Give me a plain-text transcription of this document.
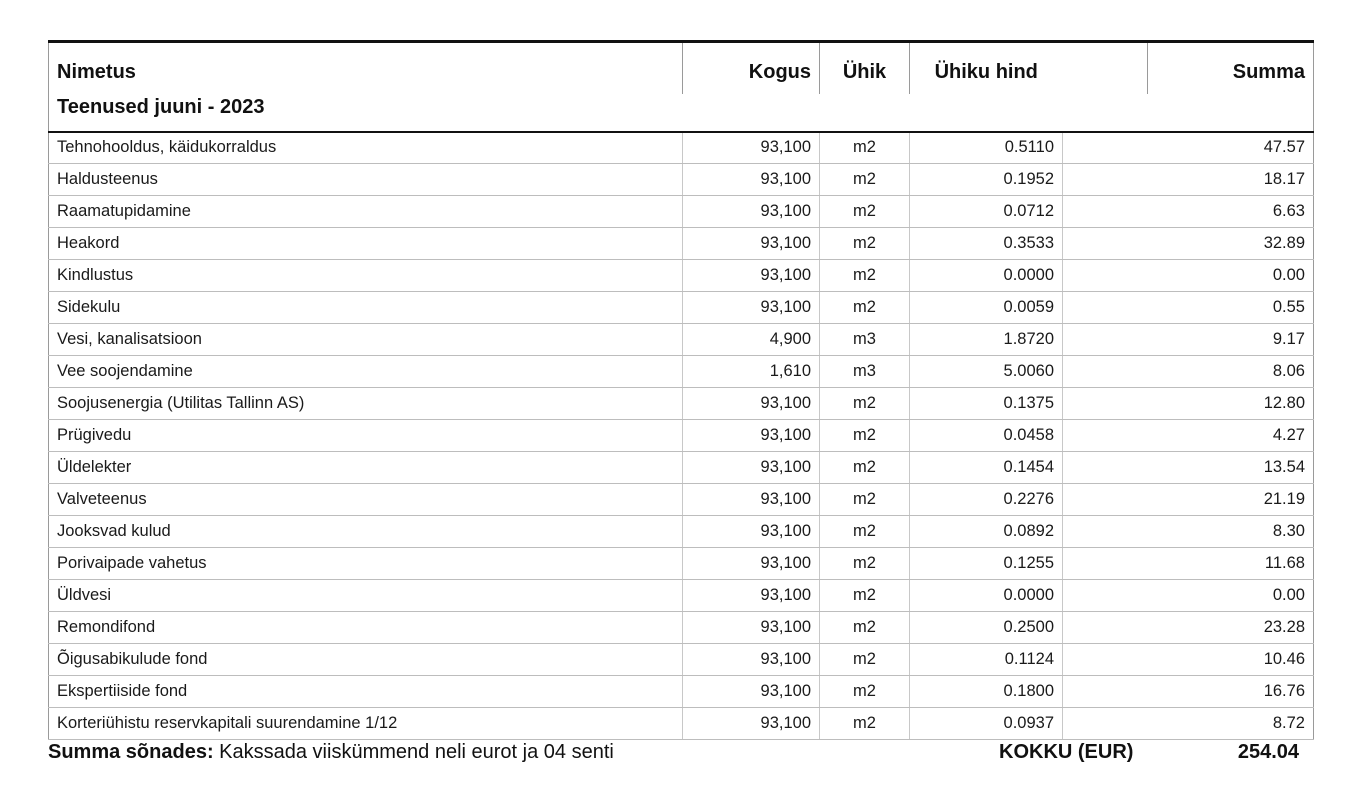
Nimetus	Kogus	Ühik	Ühiku hind		Summa
Teenused juuni - 2023					
Tehnohooldus, käidukorraldus	93,100	m2	0.5110		47.57
Haldusteenus	93,100	m2	0.1952		18.17
Raamatupidamine	93,100	m2	0.0712		6.63
Heakord	93,100	m2	0.3533		32.89
Kindlustus	93,100	m2	0.0000		0.00
Sidekulu	93,100	m2	0.0059		0.55
Vesi, kanalisatsioon	4,900	m3	1.8720		9.17
Vee soojendamine	1,610	m3	5.0060		8.06
Soojusenergia (Utilitas Tallinn AS)	93,100	m2	0.1375		12.80
Prügivedu	93,100	m2	0.0458		4.27
Üldelekter	93,100	m2	0.1454		13.54
Valveteenus	93,100	m2	0.2276		21.19
Jooksvad kulud	93,100	m2	0.0892		8.30
Porivaipade vahetus	93,100	m2	0.1255		11.68
Üldvesi	93,100	m2	0.0000		0.00
Remondifond	93,100	m2	0.2500		23.28
Õigusabikulude fond	93,100	m2	0.1124		10.46
Ekspertiiside fond	93,100	m2	0.1800		16.76
Korteriühistu reservkapitali suurendamine 1/12	93,100	m2	0.0937		8.72
Summa sõnades: Kakssada viiskümmend neli eurot ja 04 senti	KOKKU (EUR)	254.04
